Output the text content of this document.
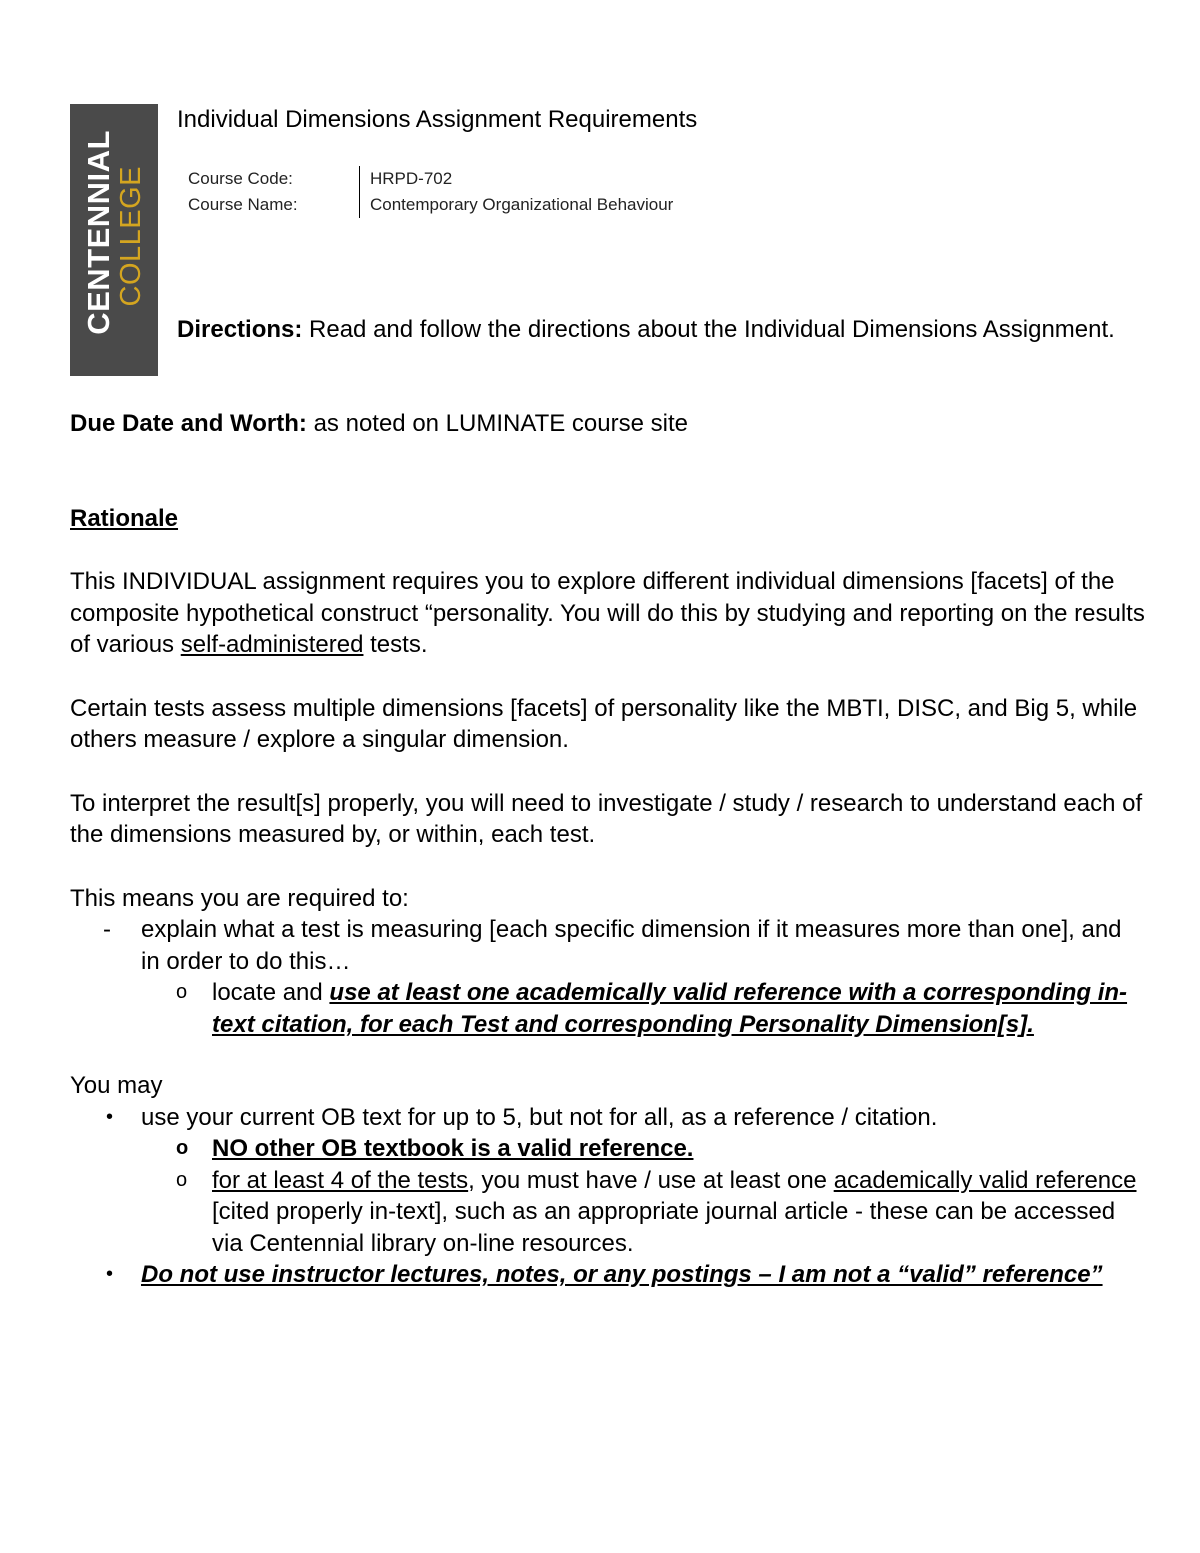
CENTENNIAL COLLEGE
Individual Dimensions Assignment Requirements
Course Code:	HRPD-702
Course Name:	Contemporary Organizational Behaviour
Directions: Read and follow the directions about the Individual Dimensions Assignment.

Due Date and Worth: as noted on LUMINATE course site

Rationale

This INDIVIDUAL assignment requires you to explore different individual dimensions [facets] of the composite hypothetical construct “personality. You will do this by studying and reporting on the results of various self-administered tests.

Certain tests assess multiple dimensions [facets] of personality like the MBTI, DISC, and Big 5, while others measure / explore a singular dimension.

To interpret the result[s] properly, you will need to investigate / study / research to understand each of the dimensions measured by, or within, each test.

This means you are required to:

- explain what a test is measuring [each specific dimension if it measures more than one], and in order to do this…
o locate and use at least one academically valid reference with a corresponding in-text citation, for each Test and corresponding Personality Dimension[s].

You may

• use your current OB text for up to 5, but not for all, as a reference / citation.
o NO other OB textbook is a valid reference.
o for at least 4 of the tests, you must have / use at least one academically valid reference [cited properly in-text], such as an appropriate journal article - these can be accessed via Centennial library on-line resources.
• Do not use instructor lectures, notes, or any postings – I am not a “valid” reference”
